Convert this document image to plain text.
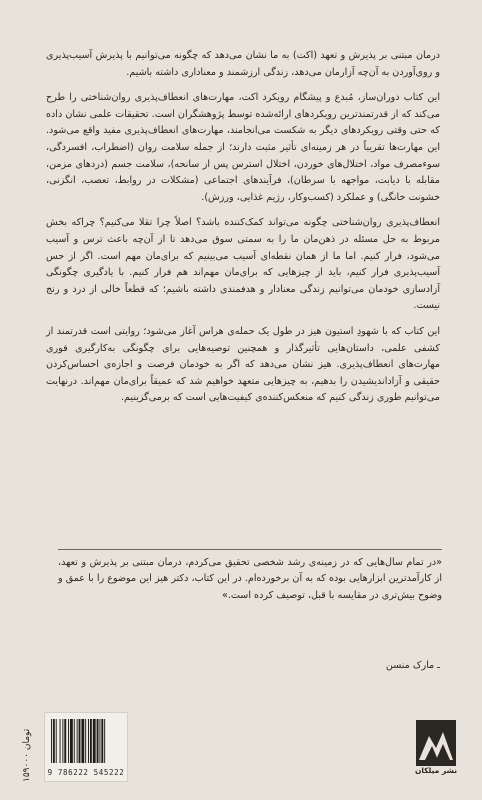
درمان مبتنی بر پذیرش و تعهد (اکت) به ما نشان می‌دهد که چگونه می‌توانیم با پذیرش آسیب‌پذیری و روی‌آوردن به آن‌چه آزارمان می‌دهد، زندگی ارزشمند و معناداری داشته باشیم.

این کتاب دوران‌ساز، مُبدع و پیشگام رویکرد اکت، مهارت‌های انعطاف‌پذیری روان‌شناختی را طرح می‌کند که از قدرتمندترین رویکردهای ارائه‌شده توسط پژوهشگران است. تحقیقات علمی نشان داده که حتی وقتی رویکردهای دیگر به شکست می‌انجامند، مهارت‌های انعطاف‌پذیری مفید واقع می‌شود. این مهارت‌ها تقریباً در هر زمینه‌ای تأثیر مثبت دارند؛ از جمله سلامت روان (اضطراب، افسردگی، سوءمصرف مواد، اختلال‌های خوردن، اختلال استرس پس از سانحه)، سلامت جسم (دردهای مزمن، مقابله با دیابت، مواجهه با سرطان)، فرآیندهای اجتماعی (مشکلات در روابط، تعصب، انگزنی، خشونت خانگی) و عملکرد (کسب‌وکار، رژیم غذایی، ورزش).

انعطاف‌پذیری روان‌شناختی چگونه می‌تواند کمک‌کننده باشد؟ اصلاً چرا تقلا می‌کنیم؟ چراکه بخش مربوط به حل مسئله در ذهن‌مان ما را به سمتی سوق می‌دهد تا از آن‌چه باعث ترس و آسیب می‌شود، فرار کنیم. اما ما از همان نقطه‌ای آسیب می‌بینیم که برای‌مان مهم است. اگر از حس آسیب‌پذیری فرار کنیم، باید از چیزهایی که برای‌مان مهم‌اند هم فرار کنیم. با یادگیری چگونگی آزادسازی خودمان می‌توانیم زندگی معنادار و هدفمندی داشته باشیم؛ که قطعاً خالی از درد و رنج نیست.

این کتاب که با شهودِ استیون هیز در طول یک حمله‌ی هراس آغاز می‌شود؛ روایتی است قدرتمند از کشفی علمی، داستان‌هایی تأثیرگذار و همچنین توصیه‌هایی برای چگونگی به‌کارگیری فوری مهارت‌های انعطاف‌پذیری. هیز نشان می‌دهد که اگر به خودمان فرصت و اجازه‌ی احساس‌کردن حقیقی و آزاداندیشیدن را بدهیم، به چیزهایی متعهد خواهیم شد که عمیقاً برای‌مان مهم‌اند. درنهایت می‌توانیم طوری زندگی کنیم که منعکس‌کننده‌ی کیفیت‌هایی است که برمی‌گزینیم.

«در تمام سال‌هایی که در زمینه‌ی رشد شخصی تحقیق می‌کردم، درمان مبتنی بر پذیرش و تعهد، از کارآمدترین ابزارهایی بوده که به آن برخورده‌ام. در این کتاب، دکتر هیز این موضوع را با عمق و وضوح بیش‌تری در مقایسه با قبل، توصیف کرده است.»

ـ مارک منسن
۱۵۹۰۰۰ تومان
9 786222 545222	نشر میلکان
